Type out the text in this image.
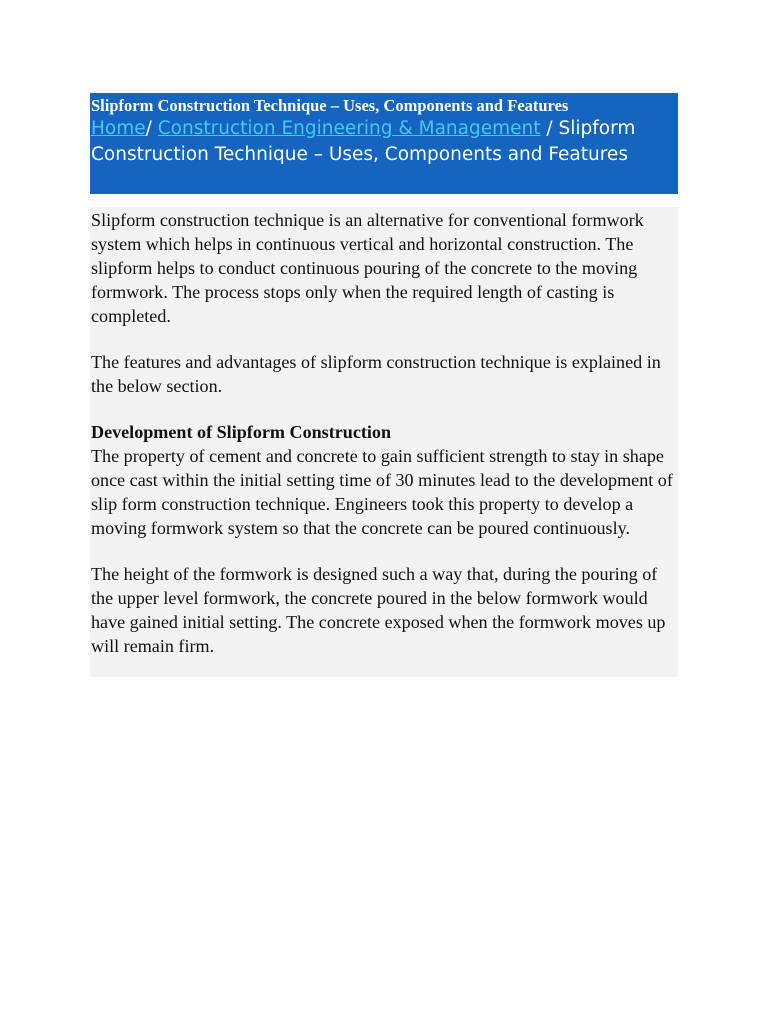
Slipform Construction Technique – Uses, Components and Features
Home/ Construction Engineering & Management / Slipform Construction Technique – Uses, Components and Features

Slipform construction technique is an alternative for conventional formwork system which helps in continuous vertical and horizontal construction. The slipform helps to conduct continuous pouring of the concrete to the moving formwork. The process stops only when the required length of casting is completed.

The features and advantages of slipform construction technique is explained in the below section.

Development of Slipform Construction

The property of cement and concrete to gain sufficient strength to stay in shape once cast within the initial setting time of 30 minutes lead to the development of slip form construction technique. Engineers took this property to develop a moving formwork system so that the concrete can be poured continuously.

The height of the formwork is designed such a way that, during the pouring of the upper level formwork, the concrete poured in the below formwork would have gained initial setting. The concrete exposed when the formwork moves up will remain firm.
